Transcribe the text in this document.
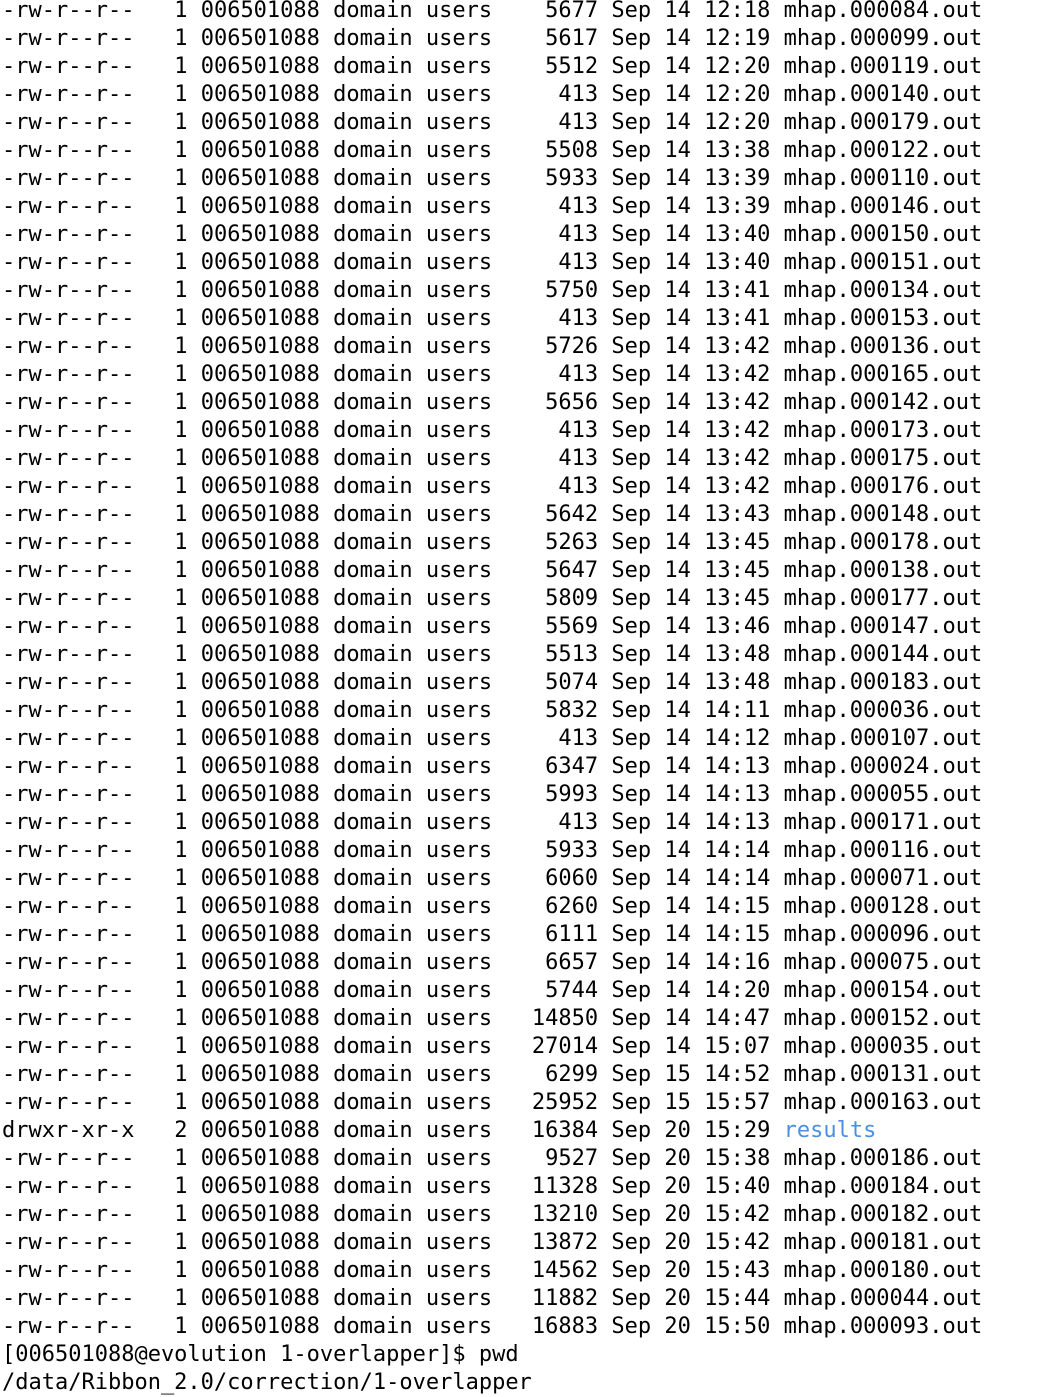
-rw-r--r-- 1 006501088 domain users 5677 Sep 14 12:18 mhap.000084.out
-rw-r--r-- 1 006501088 domain users 5617 Sep 14 12:19 mhap.000099.out
-rw-r--r-- 1 006501088 domain users 5512 Sep 14 12:20 mhap.000119.out
-rw-r--r-- 1 006501088 domain users	413 Sep 14 12:20 mhap.000140.out
-rw-r--r-- 1 006501088 domain users	413 Sep 14 12:20 mhap.000179.out
-rw-r--r-- 1 006501088 domain users 5508 Sep 14 13:38 mhap.000122.out
-rw-r--r-- 1 006501088 domain users 5933 Sep 14 13:39 mhap.000110.out
-rw-r--r-- 1 006501088 domain users	413 Sep 14 13:39 mhap.000146.out
-rw-r--r-- 1 006501088 domain users	413 Sep 14 13:40 mhap.000150.out
-rw-r--r-- 1 006501088 domain users	413 Sep 14 13:40 mhap.000151.out
-rw-r--r-- 1 006501088 domain users 5750 Sep 14 13:41 mhap.000134.out
-rw-r--r-- 1 006501088 domain users	413 Sep 14 13:41 mhap.000153.out
-rw-r--r-- 1 006501088 domain users 5726 Sep 14 13:42 mhap.000136.out
-rw-r--r-- 1 006501088 domain users	413 Sep 14 13:42 mhap.000165.out
-rw-r--r-- 1 006501088 domain users 5656 Sep 14 13:42 mhap.000142.out
-rw-r--r-- 1 006501088 domain users	413 Sep 14 13:42 mhap.000173.out
-rw-r--r-- 1 006501088 domain users	413 Sep 14 13:42 mhap.000175.out
-rw-r--r-- 1 006501088 domain users	413 Sep 14 13:42 mhap.000176.out
-rw-r--r-- 1 006501088 domain users 5642 Sep 14 13:43 mhap.000148.out
-rw-r--r-- 1 006501088 domain users 5263 Sep 14 13:45 mhap.000178.out
-rw-r--r-- 1 006501088 domain users 5647 Sep 14 13:45 mhap.000138.out
-rw-r--r-- 1 006501088 domain users 5809 Sep 14 13:45 mhap.000177.out
-rw-r--r-- 1 006501088 domain users 5569 Sep 14 13:46 mhap.000147.out
-rw-r--r-- 1 006501088 domain users 5513 Sep 14 13:48 mhap.000144.out
-rw-r--r-- 1 006501088 domain users 5074 Sep 14 13:48 mhap.000183.out
-rw-r--r-- 1 006501088 domain users 5832 Sep 14 14:11 mhap.000036.out
-rw-r--r-- 1 006501088 domain users	413 Sep 14 14:12 mhap.000107.out
-rw-r--r-- 1 006501088 domain users 6347 Sep 14 14:13 mhap.000024.out
-rw-r--r-- 1 006501088 domain users 5993 Sep 14 14:13 mhap.000055.out
-rw-r--r-- 1 006501088 domain users	413 Sep 14 14:13 mhap.000171.out
-rw-r--r-- 1 006501088 domain users 5933 Sep 14 14:14 mhap.000116.out
-rw-r--r-- 1 006501088 domain users 6060 Sep 14 14:14 mhap.000071.out
-rw-r--r-- 1 006501088 domain users 6260 Sep 14 14:15 mhap.000128.out
-rw-r--r-- 1 006501088 domain users 6111 Sep 14 14:15 mhap.000096.out
-rw-r--r-- 1 006501088 domain users 6657 Sep 14 14:16 mhap.000075.out
-rw-r--r-- 1 006501088 domain users 5744 Sep 14 14:20 mhap.000154.out
-rw-r--r-- 1 006501088 domain users 14850 Sep 14 14:47 mhap.000152.out
-rw-r--r-- 1 006501088 domain users 27014 Sep 14 15:07 mhap.000035.out
-rw-r--r-- 1 006501088 domain users 6299 Sep 15 14:52 mhap.000131.out
-rw-r--r-- 1 006501088 domain users 25952 Sep 15 15:57 mhap.000163.out
drwxr-xr-x 2 006501088 domain users 16384 Sep 20 15:29 results
-rw-r--r-- 1 006501088 domain users 9527 Sep 20 15:38 mhap.000186.out
-rw-r--r-- 1 006501088 domain users 11328 Sep 20 15:40 mhap.000184.out
-rw-r--r-- 1 006501088 domain users 13210 Sep 20 15:42 mhap.000182.out
-rw-r--r-- 1 006501088 domain users 13872 Sep 20 15:42 mhap.000181.out
-rw-r--r-- 1 006501088 domain users 14562 Sep 20 15:43 mhap.000180.out
-rw-r--r-- 1 006501088 domain users 11882 Sep 20 15:44 mhap.000044.out
-rw-r--r-- 1 006501088 domain users 16883 Sep 20 15:50 mhap.000093.out
[006501088@evolution 1-overlapper]$ pwd
/data/Ribbon_2.0/correction/1-overlapper
